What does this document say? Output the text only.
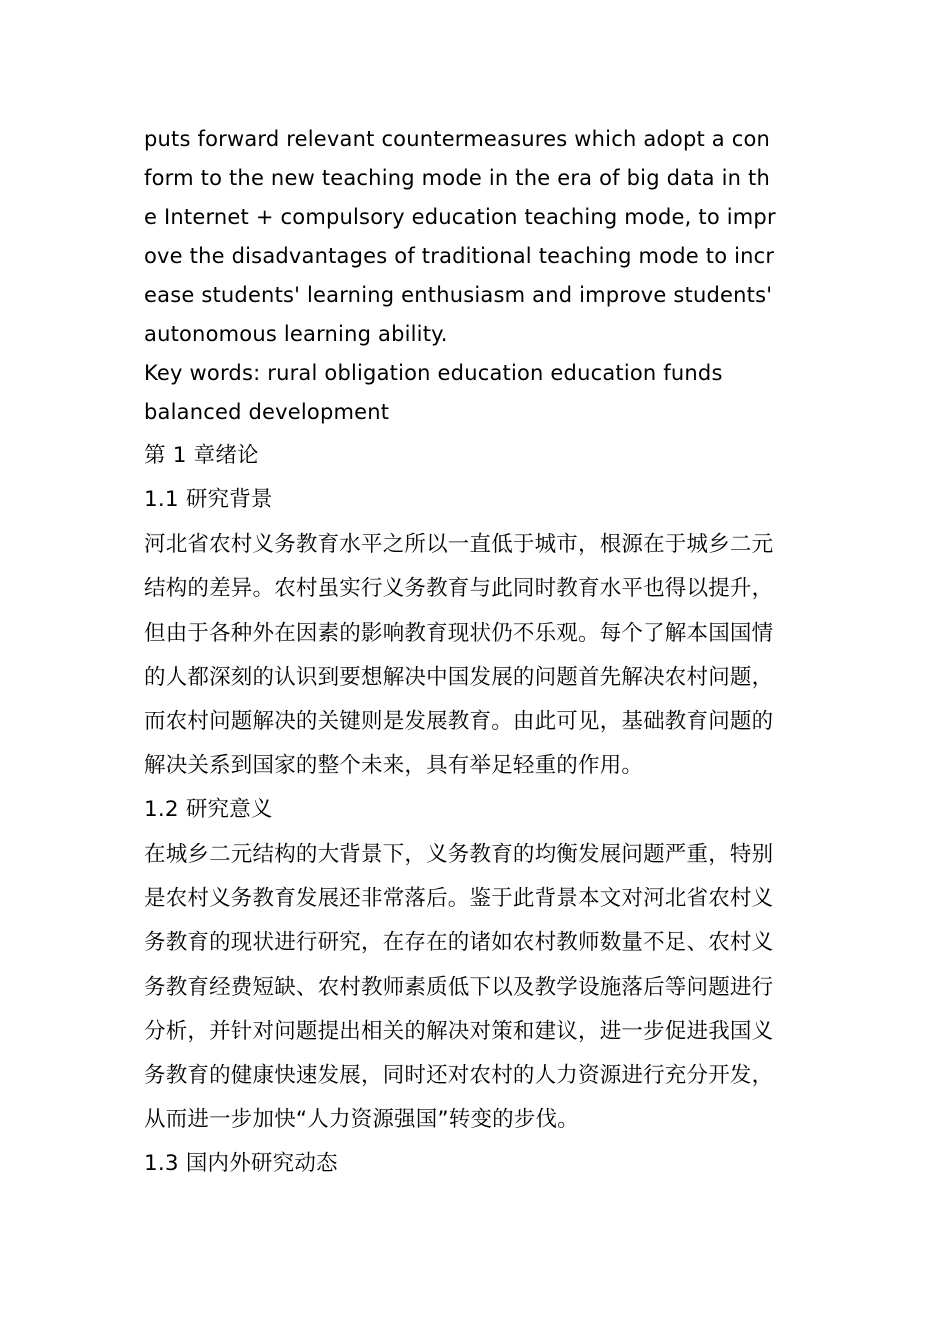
puts forward relevant countermeasures which adopt a con
form to the new teaching mode in the era of big data in th
e Internet + compulsory education teaching mode, to impr
ove the disadvantages of traditional teaching mode to incr
ease students' learning enthusiasm and improve students'
autonomous learning ability.
Key words: rural obligation education education funds
balanced development
第 1 章绪论
1.1 研究背景
河北省农村义务教育水平之所以一直低于城市，根源在于城乡二元
结构的差异。农村虽实行义务教育与此同时教育水平也得以提升，
但由于各种外在因素的影响教育现状仍不乐观。每个了解本国国情
的人都深刻的认识到要想解决中国发展的问题首先解决农村问题，
而农村问题解决的关键则是发展教育。由此可见，基础教育问题的
解决关系到国家的整个未来，具有举足轻重的作用。
1.2 研究意义
在城乡二元结构的大背景下，义务教育的均衡发展问题严重，特别
是农村义务教育发展还非常落后。鉴于此背景本文对河北省农村义
务教育的现状进行研究，在存在的诸如农村教师数量不足、农村义
务教育经费短缺、农村教师素质低下以及教学设施落后等问题进行
分析，并针对问题提出相关的解决对策和建议，进一步促进我国义
务教育的健康快速发展，同时还对农村的人力资源进行充分开发，
从而进一步加快“人力资源强国”转变的步伐。
1.3 国内外研究动态
